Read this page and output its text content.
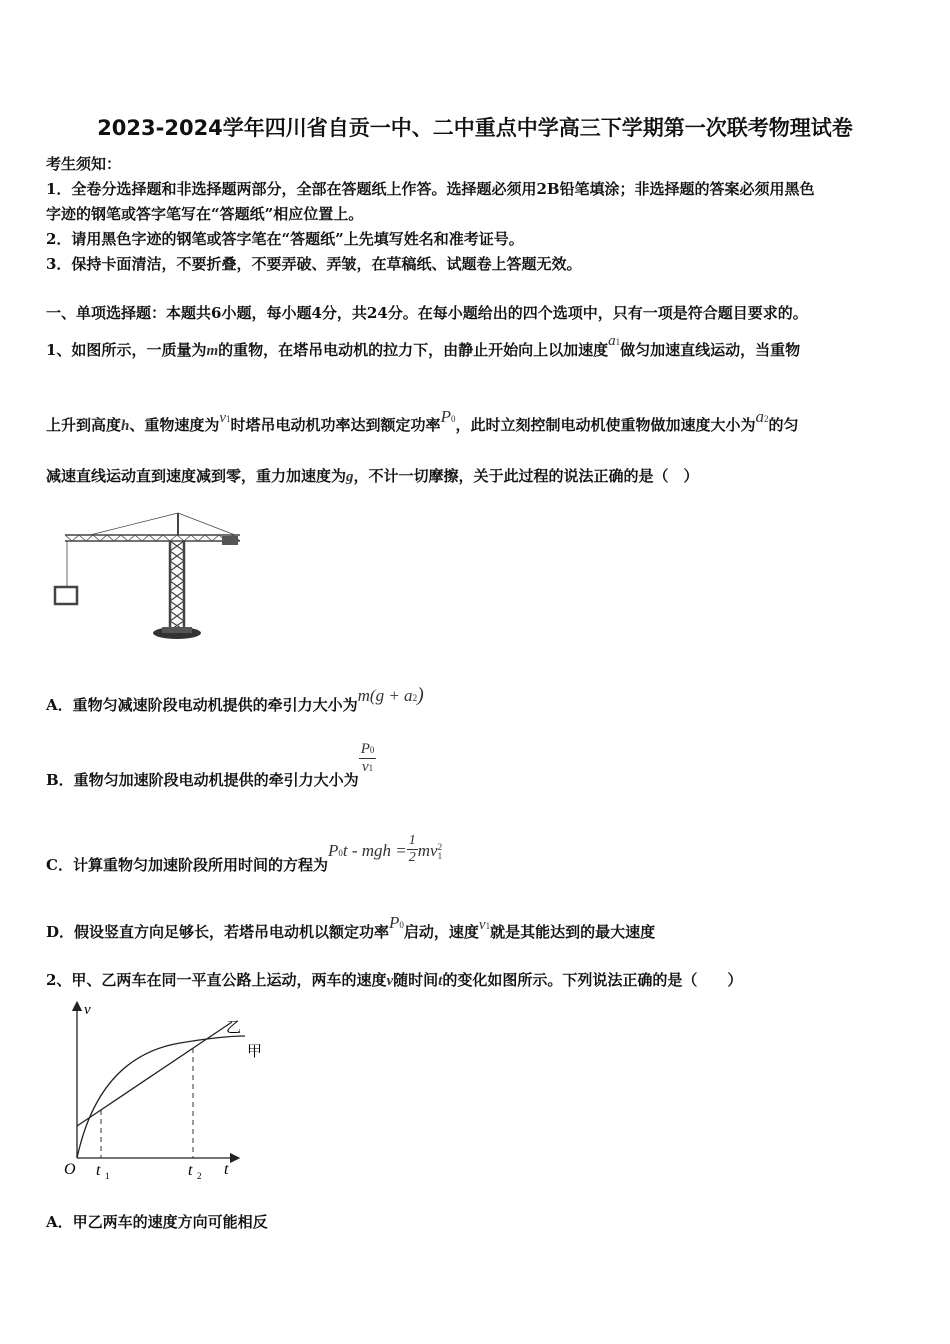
2023-2024学年四川省自贡一中、二中重点中学高三下学期第一次联考物理试卷
考生须知：
1．全卷分选择题和非选择题两部分，全部在答题纸上作答。选择题必须用2B铅笔填涂；非选择题的答案必须用黑色
字迹的钢笔或答字笔写在“答题纸”相应位置上。
2．请用黑色字迹的钢笔或答字笔在“答题纸”上先填写姓名和准考证号。
3．保持卡面清洁，不要折叠，不要弄破、弄皱，在草稿纸、试题卷上答题无效。
一、单项选择题：本题共6小题，每小题4分，共24分。在每小题给出的四个选项中，只有一项是符合题目要求的。
1、如图所示，一质量为m的重物，在塔吊电动机的拉力下，由静止开始向上以加速度a1做匀加速直线运动，当重物
上升到高度h、重物速度为v1时塔吊电动机功率达到额定功率P0，此时立刻控制电动机使重物做加速度大小为a2的匀
减速直线运动直到速度减到零，重力加速度为g，不计一切摩擦，关于此过程的说法正确的是（　）
A．重物匀减速阶段电动机提供的牵引力大小为m(g + a2)
B．重物匀加速阶段电动机提供的牵引力大小为
$\frac{P0}{v1}$
C．计算重物匀加速阶段所用时间的方程为P0t - mgh = $\frac{1}{2}$ mv 2
1
D．假设竖直方向足够长，若塔吊电动机以额定功率P0启动，速度v1就是其能达到的最大速度
2、甲、乙两车在同一平直公路上运动，两车的速度v随时间t的变化如图所示。下列说法正确的是（　　）
v
t
O t 1	t 2
乙
甲
A．甲乙两车的速度方向可能相反
